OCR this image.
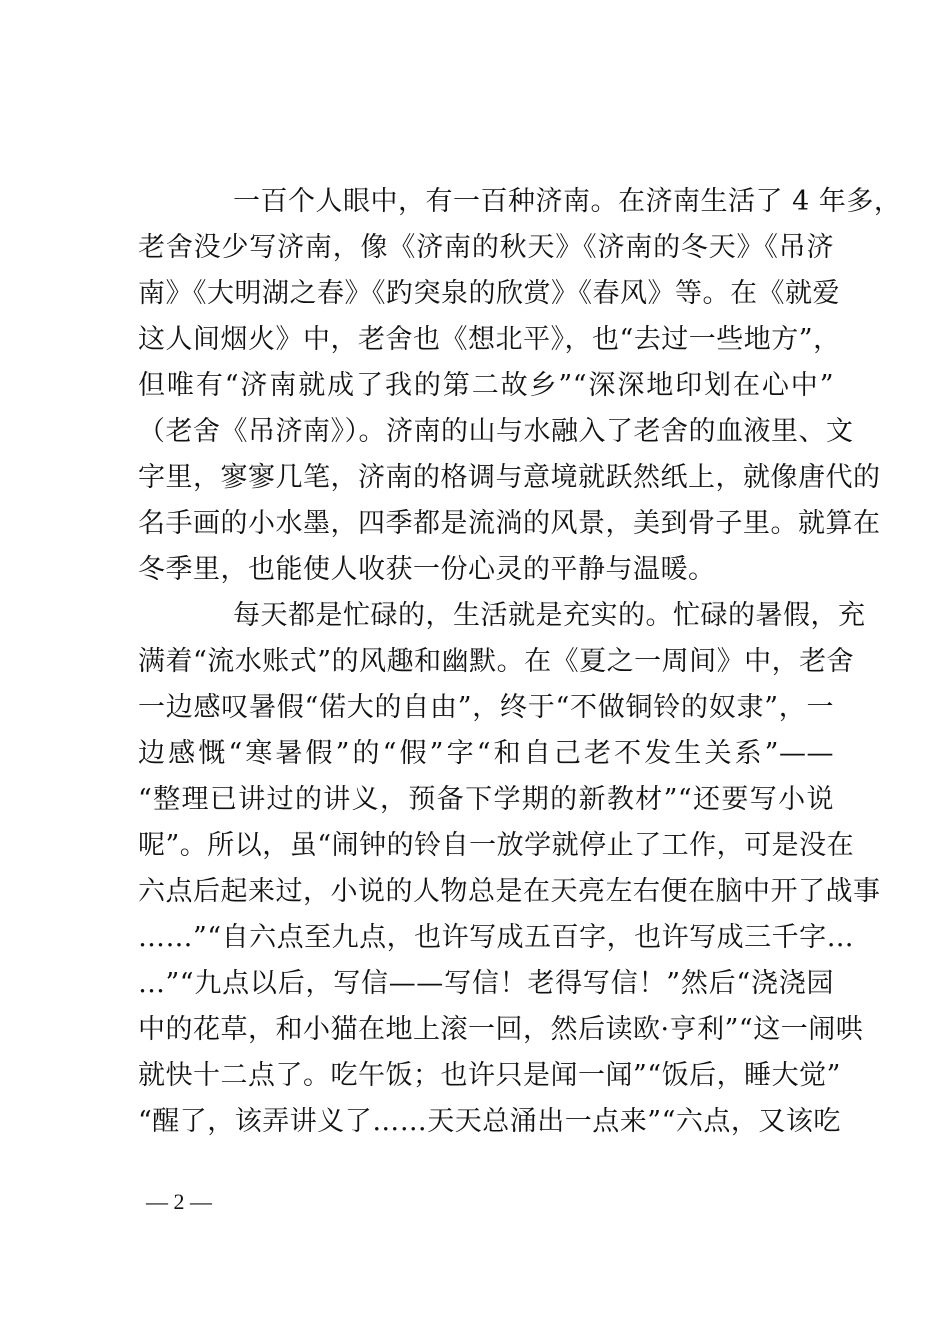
一百个人眼中，有一百种济南。在济南生活了 4 年多，
老舍没少写济南，像《济南的秋天》《济南的冬天》《吊济
南》《大明湖之春》《趵突泉的欣赏》《春风》等。在《就爱
这人间烟火》中，老舍也《想北平》，也“去过一些地方”，
但唯有“济南就成了我的第二故乡”“深深地印划在心中”
（老舍《吊济南》）。济南的山与水融入了老舍的血液里、文
字里，寥寥几笔，济南的格调与意境就跃然纸上，就像唐代的
名手画的小水墨，四季都是流淌的风景，美到骨子里。就算在
冬季里，也能使人收获一份心灵的平静与温暖。
每天都是忙碌的，生活就是充实的。忙碌的暑假，充
满着“流水账式”的风趣和幽默。在《夏之一周间》中，老舍
一边感叹暑假“偌大的自由”，终于“不做铜铃的奴隶”，一
边感慨“寒暑假”的“假”字“和自己老不发生关系”——
“整理已讲过的讲义，预备下学期的新教材”“还要写小说
呢”。所以，虽“闹钟的铃自一放学就停止了工作，可是没在
六点后起来过，小说的人物总是在天亮左右便在脑中开了战事
……”“自六点至九点，也许写成五百字，也许写成三千字…
…”“九点以后，写信——写信！老得写信！”然后“浇浇园
中的花草，和小猫在地上滚一回，然后读欧·亨利”“这一闹哄
就快十二点了。吃午饭；也许只是闻一闻”“饭后，睡大觉”
“醒了，该弄讲义了……天天总涌出一点来”“六点，又该吃
— 2 —
